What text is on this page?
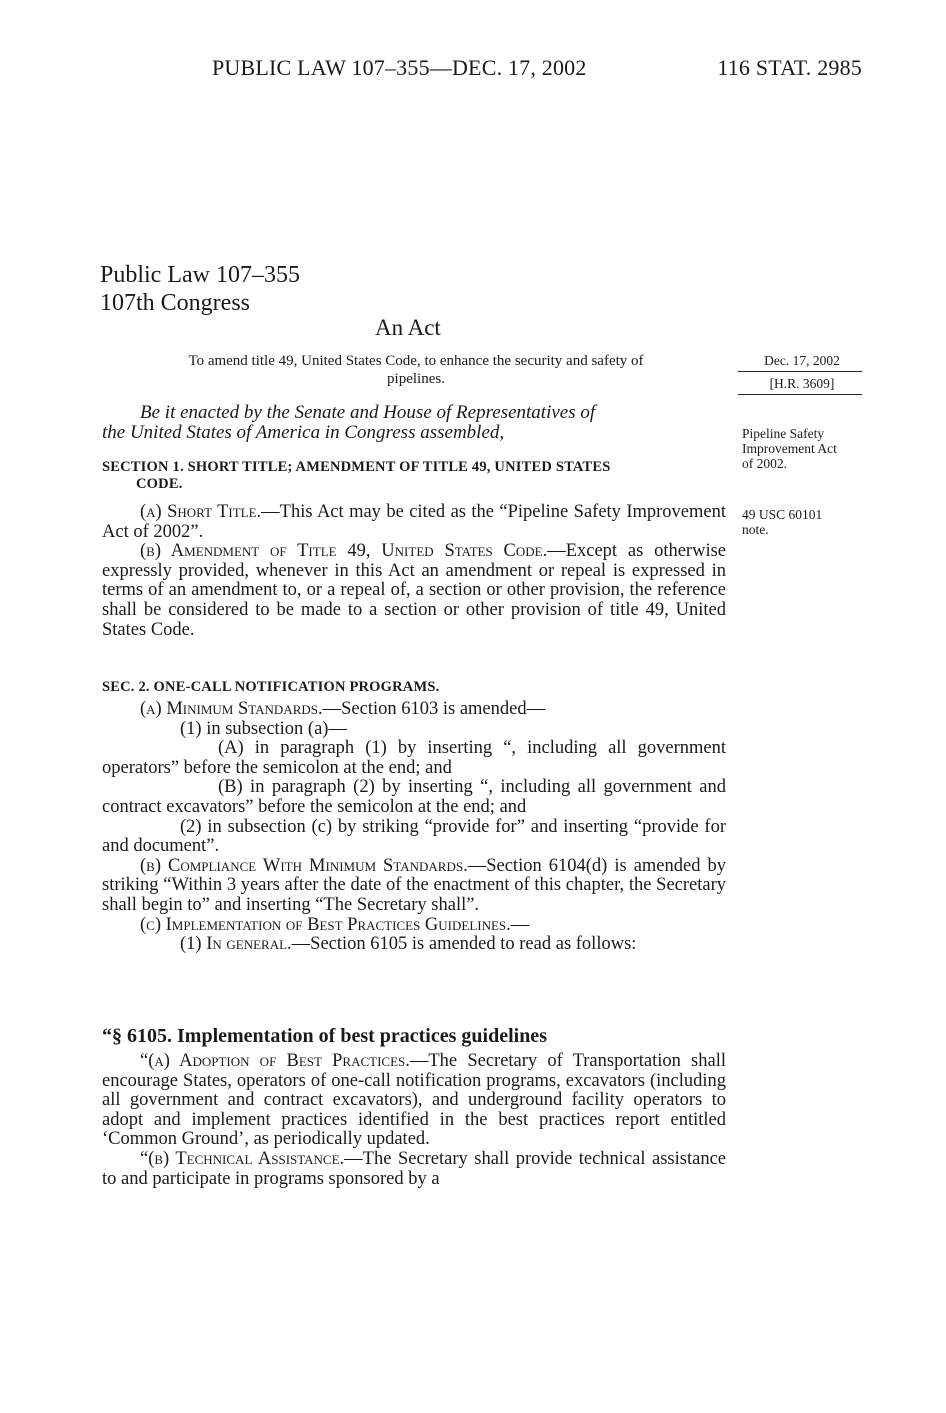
PUBLIC LAW 107–355—DEC. 17, 2002	116 STAT. 2985
Public Law 107–355
107th Congress
An Act
To amend title 49, United States Code, to enhance the security and safety of
pipelines.
Dec. 17, 2002
[H.R. 3609]
Pipeline Safety
Improvement Act
of 2002.
49 USC 60101
note.
Be it enacted by the Senate and House of Representatives of
the United States of America in Congress assembled,
SECTION 1. SHORT TITLE; AMENDMENT OF TITLE 49, UNITED STATES
CODE.

(a) Short Title.—This Act may be cited as the “Pipeline Safety Improvement Act of 2002”.

(b) Amendment of Title 49, United States Code.—Except as otherwise expressly provided, whenever in this Act an amendment or repeal is expressed in terms of an amendment to, or a repeal of, a section or other provision, the reference shall be considered to be made to a section or other provision of title 49, United States Code.

SEC. 2. ONE-CALL NOTIFICATION PROGRAMS.

(a) Minimum Standards.—Section 6103 is amended—

(1) in subsection (a)—

(A) in paragraph (1) by inserting “, including all government operators” before the semicolon at the end; and

(B) in paragraph (2) by inserting “, including all government and contract excavators” before the semicolon at the end; and

(2) in subsection (c) by striking “provide for” and inserting “provide for and document”.

(b) Compliance With Minimum Standards.—Section 6104(d) is amended by striking “Within 3 years after the date of the enactment of this chapter, the Secretary shall begin to” and inserting “The Secretary shall”.

(c) Implementation of Best Practices Guidelines.—

(1) In general.—Section 6105 is amended to read as follows:

“§ 6105. Implementation of best practices guidelines

“(a) Adoption of Best Practices.—The Secretary of Transportation shall encourage States, operators of one-call notification programs, excavators (including all government and contract excavators), and underground facility operators to adopt and implement practices identified in the best practices report entitled ‘Common Ground’, as periodically updated.

“(b) Technical Assistance.—The Secretary shall provide technical assistance to and participate in programs sponsored by a
